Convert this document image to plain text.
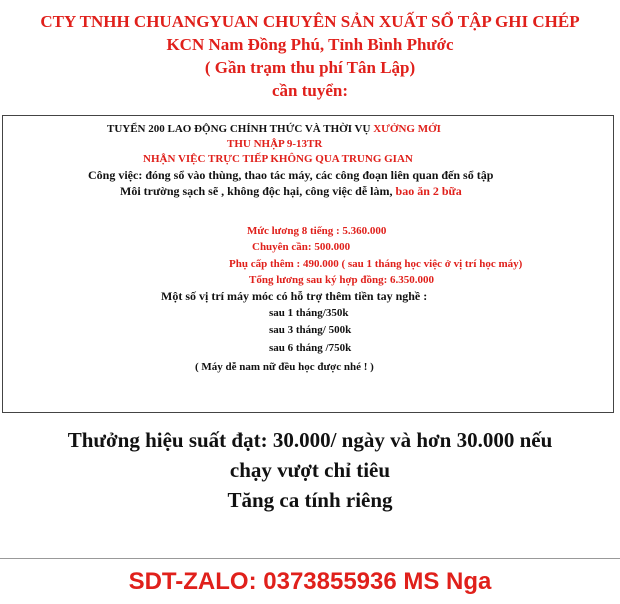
CTY TNHH CHUANGYUAN CHUYÊN SẢN XUẤT SỔ TẬP GHI CHÉP
KCN Nam Đồng Phú, Tỉnh Bình Phước
( Gần trạm thu phí Tân Lập)
cần tuyển:
TUYỂN 200 LAO ĐỘNG CHÍNH THỨC VÀ THỜI VỤ XƯỞNG MỚI
THU NHẬP 9-13TR
NHẬN VIỆC TRỰC TIẾP KHÔNG QUA TRUNG GIAN
Công việc: đóng sổ vào thùng, thao tác máy, các công đoạn liên quan đến sổ tập
Môi trường sạch sẽ , không độc hại, công việc dễ làm, bao ăn 2 bữa
Mức lương 8 tiếng : 5.360.000
Chuyên cần: 500.000
Phụ cấp thêm : 490.000 ( sau 1 tháng học việc ở vị trí học máy)
Tổng lương sau ký hợp đồng: 6.350.000
Một số vị trí máy móc có hỗ trợ thêm tiền tay nghề :
sau 1 tháng/350k
sau 3 tháng/ 500k
sau 6 tháng /750k
( Máy dễ nam nữ đều học được nhé ! )
Thưởng hiệu suất đạt: 30.000/ ngày và hơn 30.000 nếu
chạy vượt chỉ tiêu
Tăng ca tính riêng
SDT-ZALO: 0373855936 MS Nga
